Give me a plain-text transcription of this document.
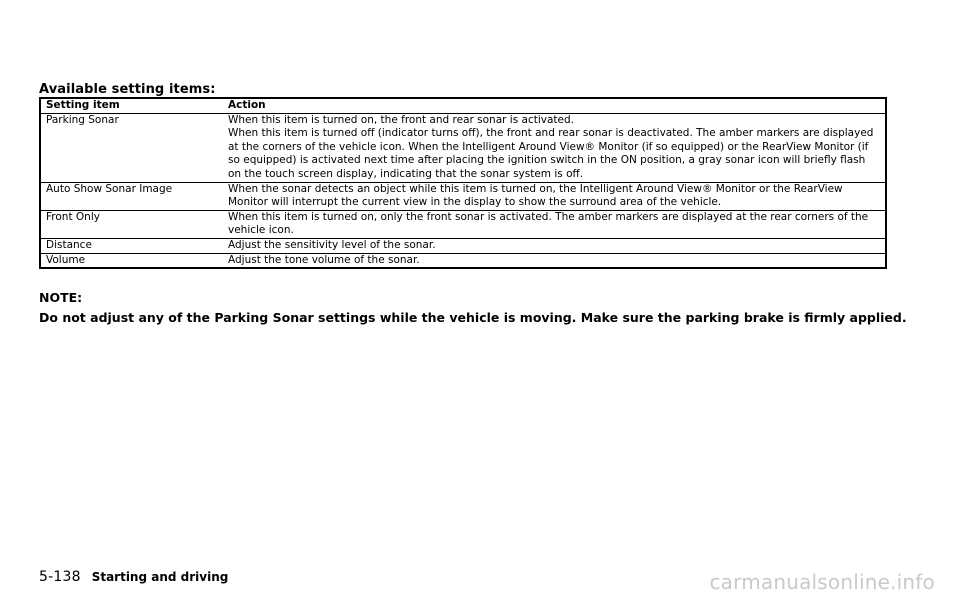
Available setting items:
Setting item	Action
Parking Sonar	When this item is turned on, the front and rear sonar is activated.
When this item is turned off (indicator turns off), the front and rear sonar is deactivated. The amber markers are displayed at the corners of the vehicle icon. When the Intelligent Around View® Monitor (if so equipped) or the RearView Monitor (if so equipped) is activated next time after placing the ignition switch in the ON position, a gray sonar icon will briefly flash on the touch screen display, indicating that the sonar system is off.
Auto Show Sonar Image	When the sonar detects an object while this item is turned on, the Intelligent Around View® Monitor or the RearView Monitor will interrupt the current view in the display to show the surround area of the vehicle.
Front Only	When this item is turned on, only the front sonar is activated. The amber markers are displayed at the rear corners of the vehicle icon.
Distance	Adjust the sensitivity level of the sonar.
Volume	Adjust the tone volume of the sonar.
NOTE:
Do not adjust any of the Parking Sonar settings while the vehicle is moving. Make sure the parking brake is firmly applied.
5-138 Starting and driving	carmanualsonline.info
